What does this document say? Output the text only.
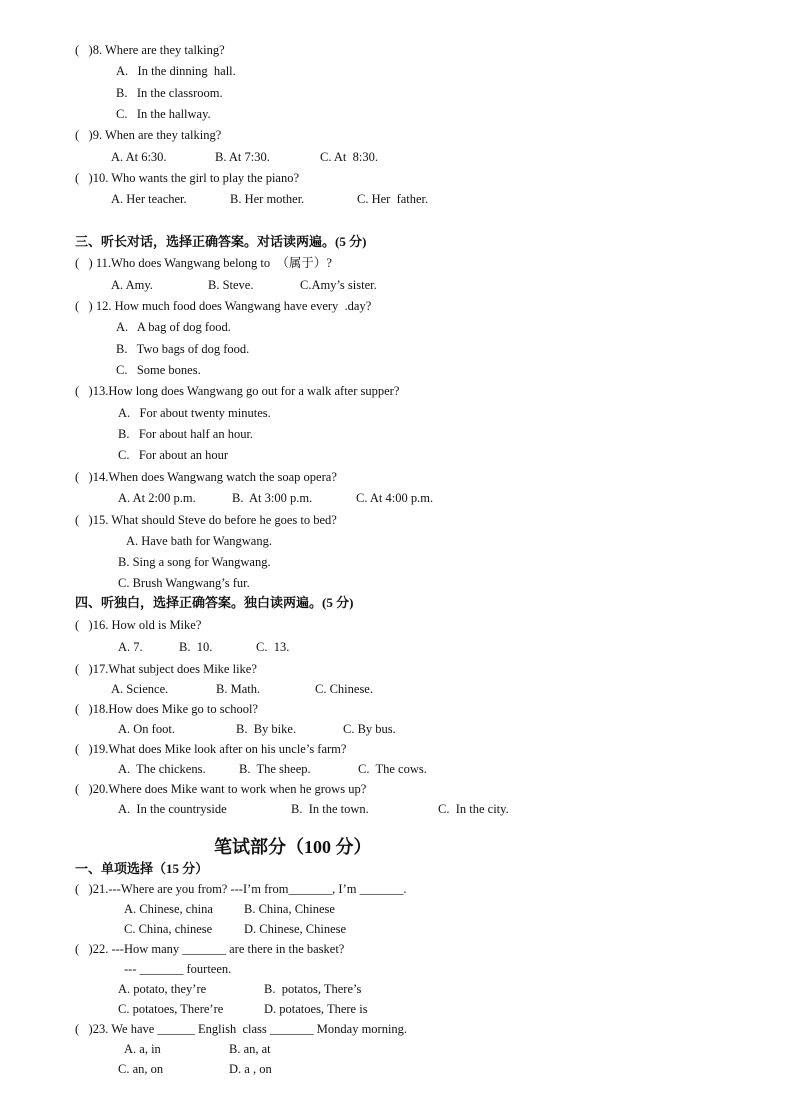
(   )8. Where are they talking?
A.   In the dinning  hall.
B.   In the classroom.
C.   In the hallway.
(   )9. When are they talking?
A. At 6:30.	B. At 7:30.	C. At  8:30.
(   )10. Who wants the girl to play the piano?
A. Her teacher.	B. Her mother.	C. Her  father.
三、听长对话，选择正确答案。对话读两遍。(5 分)
(   ) 11.Who does Wangwang belong to  （属于）?
A. Amy.	B. Steve.	C.Amy’s sister.
(   ) 12. How much food does Wangwang have every  .day?
A.   A bag of dog food.
B.   Two bags of dog food.
C.   Some bones.
(   )13.How long does Wangwang go out for a walk after supper?
A.   For about twenty minutes.
B.   For about half an hour.
C.   For about an hour
(   )14.When does Wangwang watch the soap opera?
A. At 2:00 p.m.	B.  At 3:00 p.m.	C. At 4:00 p.m.
(   )15. What should Steve do before he goes to bed?
A. Have bath for Wangwang.
B. Sing a song for Wangwang.
C. Brush Wangwang’s fur.
四、听独白，选择正确答案。独白读两遍。(5 分)
(   )16. How old is Mike?
A. 7.	B.  10.	C.  13.
(   )17.What subject does Mike like?
A. Science.	B. Math.	C. Chinese.
(   )18.How does Mike go to school?
A. On foot.	B.  By bike.	C. By bus.
(   )19.What does Mike look after on his uncle’s farm?
A.  The chickens.	B.  The sheep.	C.  The cows.
(   )20.Where does Mike want to work when he grows up?
A.  In the countryside	B.  In the town.	C.  In the city.
笔试部分（100 分）
一、单项选择（15 分）
(   )21.---Where are you from? ---I’m from_______, I’m _______.
A. Chinese, china B. China, Chinese
C. China, chinese	D. Chinese, Chinese
(   )22. ---How many _______ are there in the basket?
--- _______ fourteen.
A. potato, they’re	B.  potatos, There’s
C. potatoes, There’re	D. potatoes, There is
(   )23. We have ______ English  class _______ Monday morning.
A. a, in	B. an, at
C. an, on	D. a , on
